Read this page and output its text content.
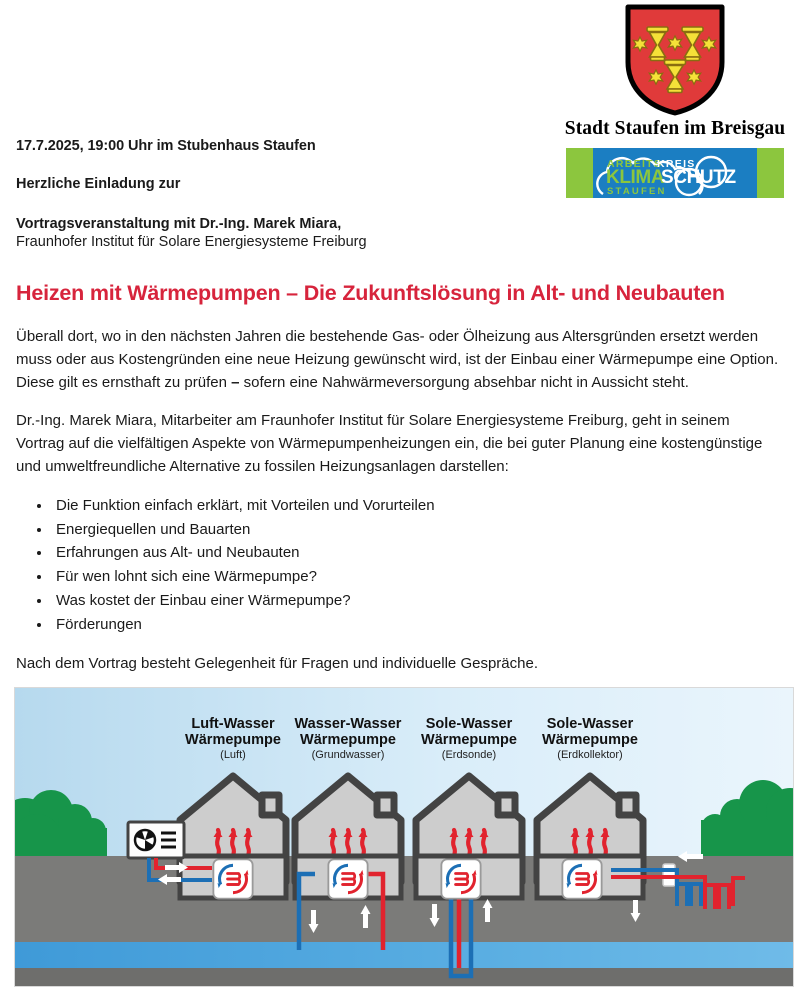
Stadt Staufen im Breisgau
ARBEITS
KREIS
KLIMA
SCHUTZ
STAUFEN

17.7.2025, 19:00 Uhr im Stubenhaus Staufen

Herzliche Einladung zur

Vortragsveranstaltung mit Dr.-Ing. Marek Miara,

Fraunhofer Institut für Solare Energiesysteme Freiburg

Heizen mit Wärmepumpen – Die Zukunftslösung in Alt- und Neubauten

Überall dort, wo in den nächsten Jahren die bestehende Gas- oder Ölheizung aus Altersgründen ersetzt werden muss oder aus Kostengründen eine neue Heizung gewünscht wird, ist der Einbau einer Wärmepumpe eine Option. Diese gilt es ernsthaft zu prüfen – sofern eine Nahwärmeversorgung absehbar nicht in Aussicht steht.

Dr.-Ing. Marek Miara, Mitarbeiter am Fraunhofer Institut für Solare Energiesysteme Freiburg, geht in seinem Vortrag auf die vielfältigen Aspekte von Wärmepumpenheizungen ein, die bei guter Planung eine kostengünstige und umweltfreundliche Alternative zu fossilen Heizungsanlagen darstellen:

Die Funktion einfach erklärt, mit Vorteilen und Vorurteilen
Energiequellen und Bauarten
Erfahrungen aus Alt- und Neubauten
Für wen lohnt sich eine Wärmepumpe?
Was kostet der Einbau einer Wärmepumpe?
Förderungen

Nach dem Vortrag besteht Gelegenheit für Fragen und individuelle Gespräche.

Luft-Wasser
Wärmepumpe
(Luft)
Wasser-Wasser
Wärmepumpe
(Grundwasser)
Sole-Wasser
Wärmepumpe
(Erdsonde)
Sole-Wasser
Wärmepumpe
(Erdkollektor)
